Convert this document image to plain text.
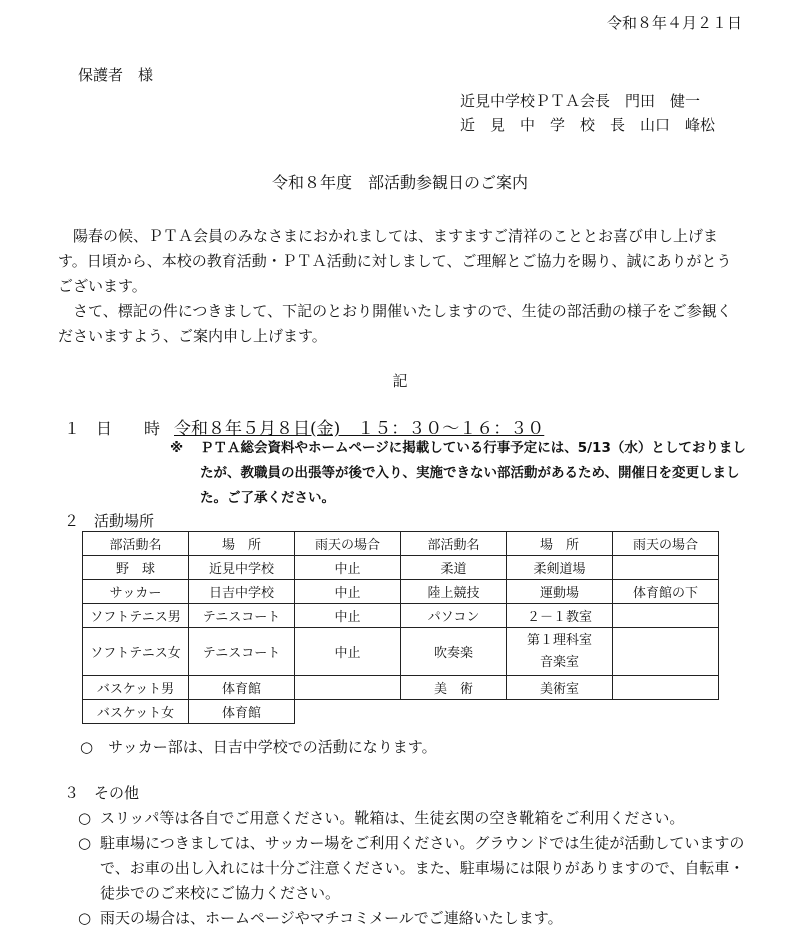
令和８年４月２１日
保護者　様
近見中学校ＰＴＡ会長　門田　健一
近　見　中　学　校　長　山口　峰松
令和８年度　部活動参観日のご案内

　陽春の候、ＰＴＡ会員のみなさまにおかれましては、ますますご清祥のこととお喜び申し上げます。日頃から、本校の教育活動・ＰＴＡ活動に対しまして、ご理解とご協力を賜り、誠にありがとうございます。

　さて、標記の件につきまして、下記のとおり開催いたしますので、生徒の部活動の様子をご参観くださいますよう、ご案内申し上げます。

記
１　日　　時 令和８年５月８日(金)　１５：３０～１６：３０
※ ＰＴＡ総会資料やホームページに掲載している行事予定には、5/13（水）としておりましたが、教職員の出張等が後で入り、実施できない部活動があるため、開催日を変更しました。ご了承ください。
２　活動場所
部活動名	場　所	雨天の場合	部活動名	場　所	雨天の場合
野　球	近見中学校	中止	柔道	柔剣道場	
サッカー	日吉中学校	中止	陸上競技	運動場	体育館の下
ソフトテニス男	テニスコート	中止	パソコン	２－１教室	
ソフトテニス女	テニスコート	中止	吹奏楽	第１理科室
音楽室	

バスケット男	体育館		美　術	美術室	
バスケット女	体育館				
○　サッカー部は、日吉中学校での活動になります。
３　その他
○ スリッパ等は各自でご用意ください。靴箱は、生徒玄関の空き靴箱をご利用ください。
○ 駐車場につきましては、サッカー場をご利用ください。グラウンドでは生徒が活動していますので、お車の出し入れには十分ご注意ください。また、駐車場には限りがありますので、自転車・徒歩でのご来校にご協力ください。
○ 雨天の場合は、ホームページやマチコミメールでご連絡いたします。
